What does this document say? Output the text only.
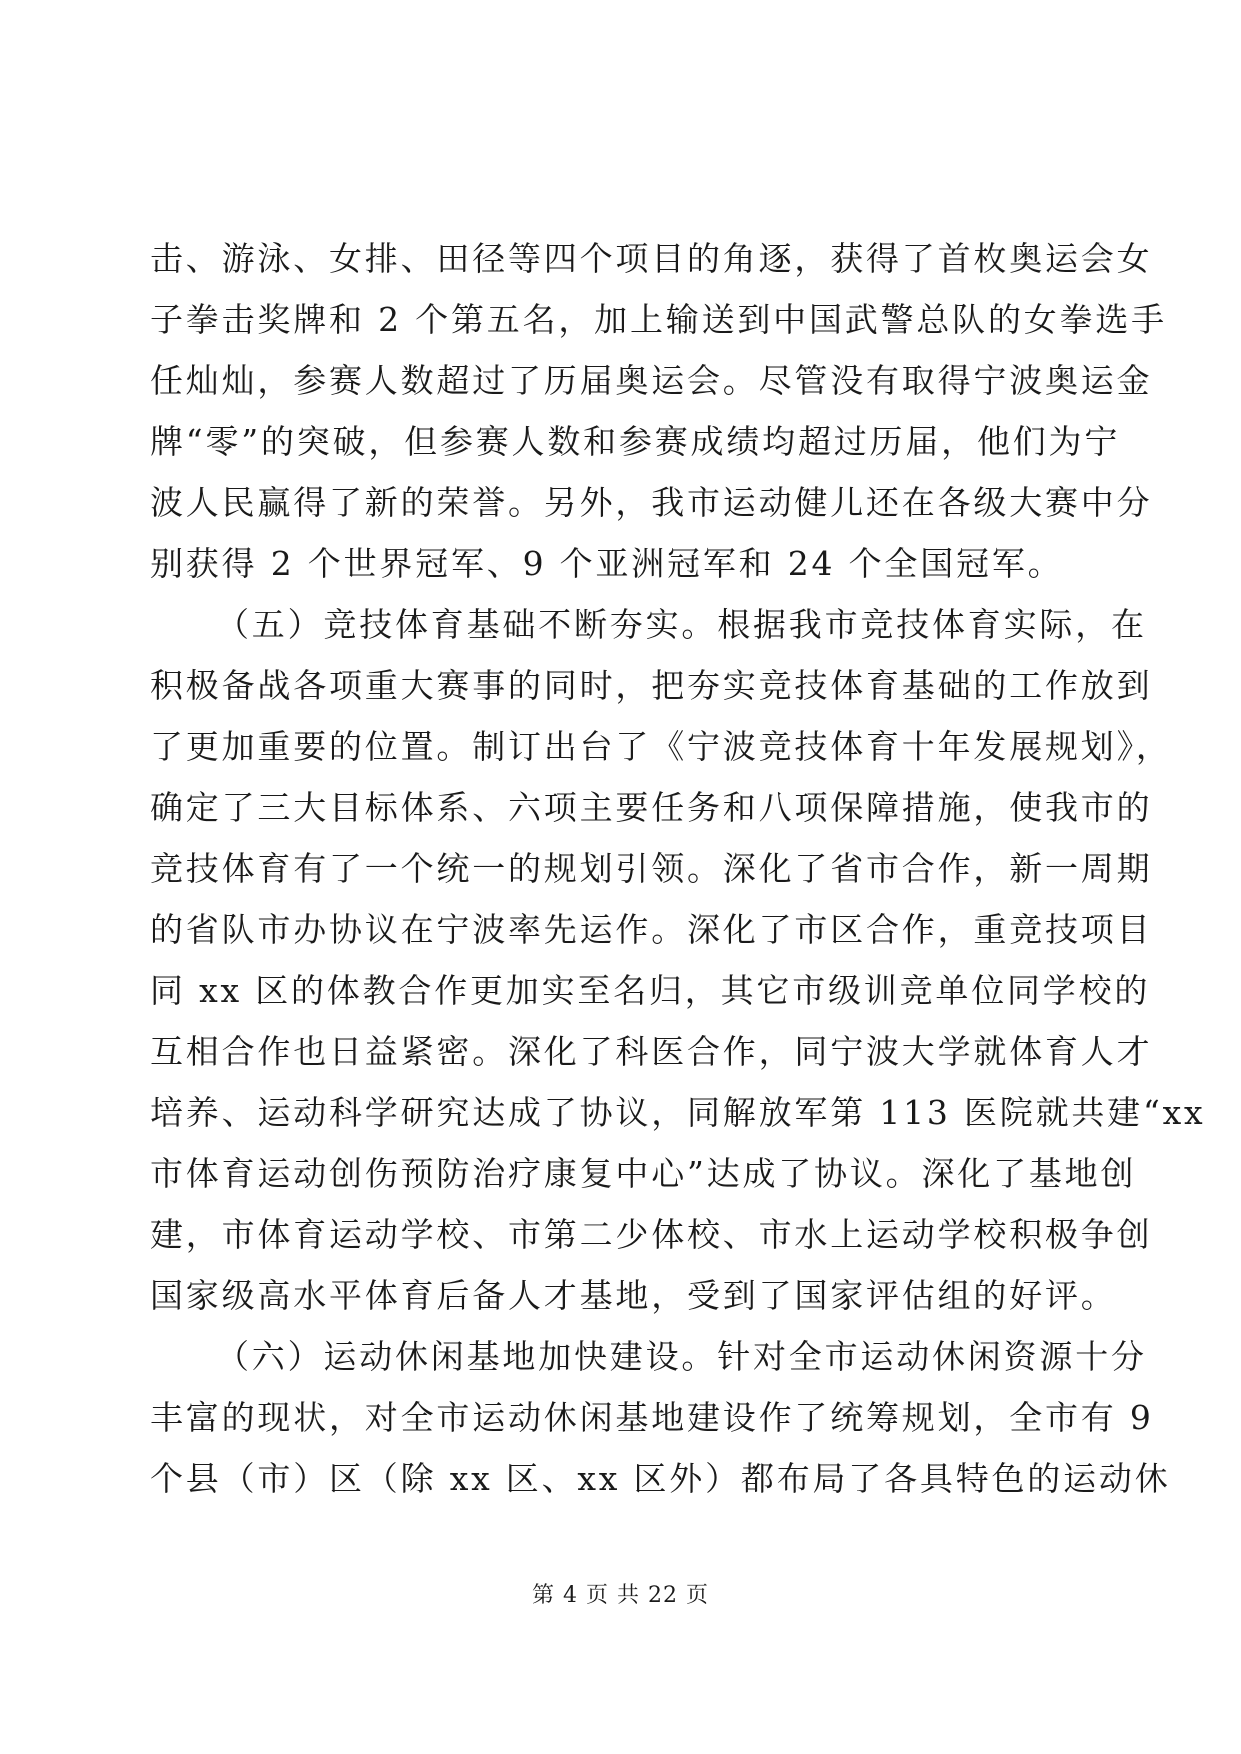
击、游泳、女排、田径等四个项目的角逐，获得了首枚奥运会女
子拳击奖牌和 2 个第五名，加上输送到中国武警总队的女拳选手
任灿灿，参赛人数超过了历届奥运会。尽管没有取得宁波奥运金
牌“零”的突破，但参赛人数和参赛成绩均超过历届，他们为宁
波人民赢得了新的荣誉。另外，我市运动健儿还在各级大赛中分
别获得 2 个世界冠军、9 个亚洲冠军和 24 个全国冠军。
（五）竞技体育基础不断夯实。根据我市竞技体育实际，在
积极备战各项重大赛事的同时，把夯实竞技体育基础的工作放到
了更加重要的位置。制订出台了《宁波竞技体育十年发展规划》，
确定了三大目标体系、六项主要任务和八项保障措施，使我市的
竞技体育有了一个统一的规划引领。深化了省市合作，新一周期
的省队市办协议在宁波率先运作。深化了市区合作，重竞技项目
同 xx 区的体教合作更加实至名归，其它市级训竞单位同学校的
互相合作也日益紧密。深化了科医合作，同宁波大学就体育人才
培养、运动科学研究达成了协议，同解放军第 113 医院就共建“xx
市体育运动创伤预防治疗康复中心”达成了协议。深化了基地创
建，市体育运动学校、市第二少体校、市水上运动学校积极争创
国家级高水平体育后备人才基地，受到了国家评估组的好评。
（六）运动休闲基地加快建设。针对全市运动休闲资源十分
丰富的现状，对全市运动休闲基地建设作了统筹规划，全市有 9
个县（市）区（除 xx 区、xx 区外）都布局了各具特色的运动休
第 4 页 共 22 页
